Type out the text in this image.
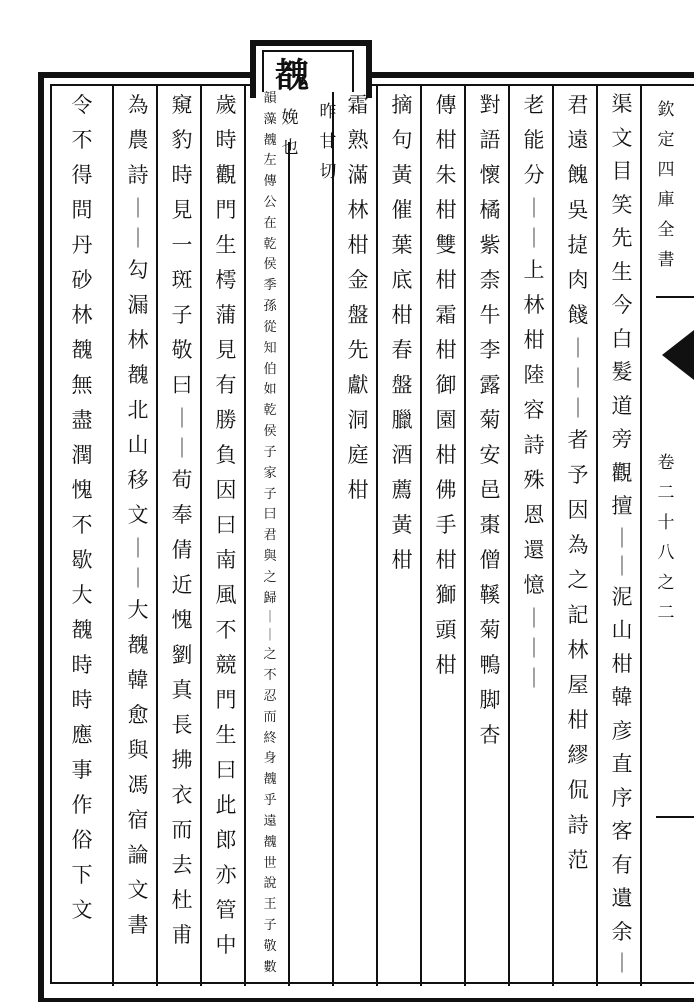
欽
定
四
庫
全
書
卷
二
十
八
之
二
䰩
昨
甘
切
娩
也
渠
文
目
笑
先
生
今
白
髮
道
旁
觀
擅
｜
｜
泥
山
柑
韓
彦
直
序
客
有
遺
余
｜
君
遠
餽
吳
㨗
肉
餞
｜
｜
｜
者
予
因
為
之
記
林
屋
柑
繆
侃
詩
范
老
能
分
｜
｜
上
林
柑
陸
容
詩
殊
恩
還
憶
｜
｜
｜
對
語
懷
橘
紫
柰
牛
李
露
菊
安
邑
棗
僧
鞵
菊
鴨
脚
杏
傳
柑
朱
柑
雙
柑
霜
柑
御
園
柑
佛
手
柑
獅
頭
柑
摘
句
黃
催
葉
底
柑
春
盤
臘
酒
薦
黃
柑
霜
熟
滿
林
柑
金
盤
先
獻
洞
庭
柑
韻
藻
䰩
左
傳
公
在
乾
侯
季
孫
從
知
伯
如
乾
侯
子
家
子
曰
君
與
之
歸
｜
｜
之
不
忍
而
終
身
䰩
乎
遠
䰩
世
說
王
子
敬
數
歲
時
觀
門
生
樗
蒲
見
有
勝
負
因
曰
南
風
不
競
門
生
曰
此
郎
亦
管
中
窺
豹
時
見
一
斑
子
敬
曰
｜
｜
荀
奉
倩
近
愧
劉
真
長
拂
衣
而
去
杜
甫
為
農
詩
｜
｜
勾
漏
林
䰩
北
山
移
文
｜
｜
大
䰩
韓
愈
與
馮
宿
論
文
書
令
不
得
問
丹
砂
林
䰩
無
盡
潤
愧
不
歇
大
䰩
時
時
應
事
作
俗
下
文
